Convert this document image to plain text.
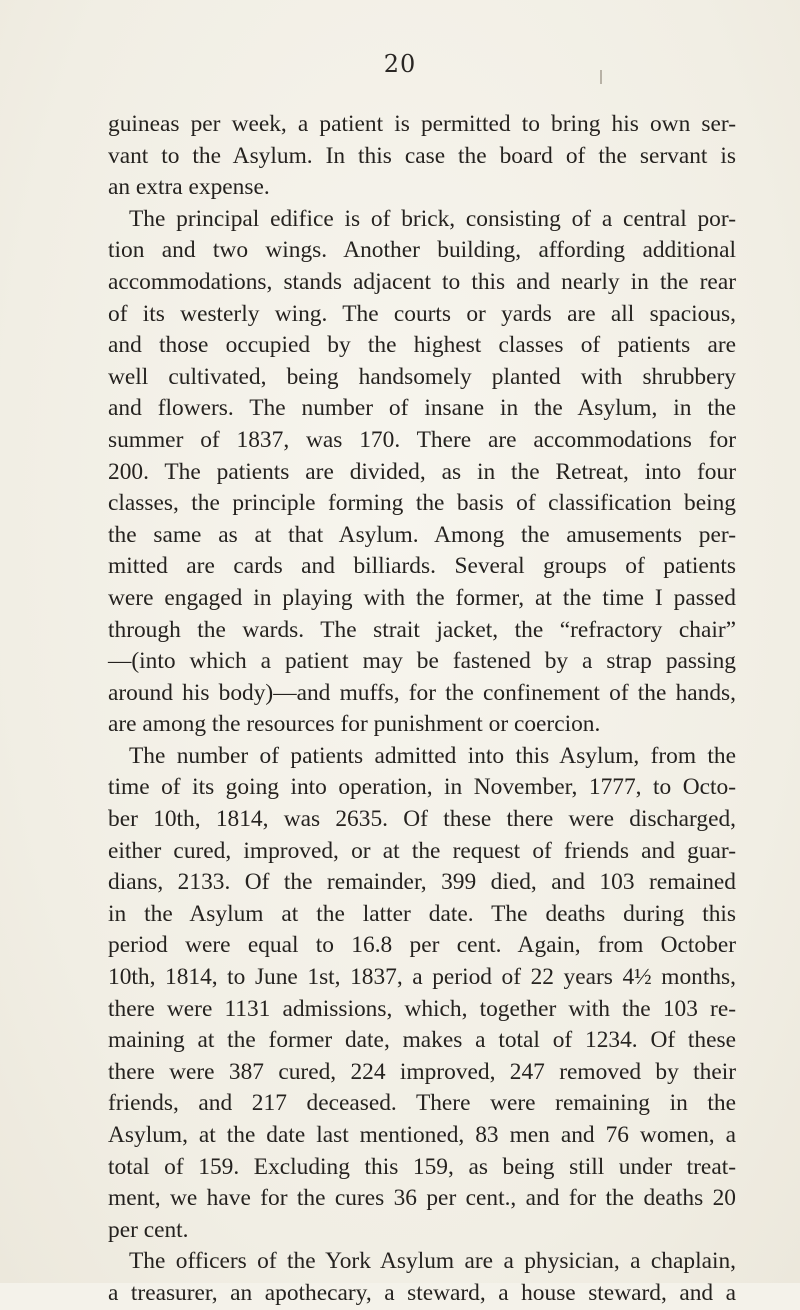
20
guineas per week, a patient is permitted to bring his own ser-
vant to the Asylum. In this case the board of the servant is
an extra expense.
The principal edifice is of brick, consisting of a central por-
tion and two wings. Another building, affording additional
accommodations, stands adjacent to this and nearly in the rear
of its westerly wing. The courts or yards are all spacious,
and those occupied by the highest classes of patients are
well cultivated, being handsomely planted with shrubbery
and flowers. The number of insane in the Asylum, in the
summer of 1837, was 170. There are accommodations for
200. The patients are divided, as in the Retreat, into four
classes, the principle forming the basis of classification being
the same as at that Asylum. Among the amusements per-
mitted are cards and billiards. Several groups of patients
were engaged in playing with the former, at the time I passed
through the wards. The strait jacket, the “refractory chair”
—(into which a patient may be fastened by a strap passing
around his body)—and muffs, for the confinement of the hands,
are among the resources for punishment or coercion.
The number of patients admitted into this Asylum, from the
time of its going into operation, in November, 1777, to Octo-
ber 10th, 1814, was 2635. Of these there were discharged,
either cured, improved, or at the request of friends and guar-
dians, 2133. Of the remainder, 399 died, and 103 remained
in the Asylum at the latter date. The deaths during this
period were equal to 16.8 per cent. Again, from October
10th, 1814, to June 1st, 1837, a period of 22 years 4½ months,
there were 1131 admissions, which, together with the 103 re-
maining at the former date, makes a total of 1234. Of these
there were 387 cured, 224 improved, 247 removed by their
friends, and 217 deceased. There were remaining in the
Asylum, at the date last mentioned, 83 men and 76 women, a
total of 159. Excluding this 159, as being still under treat-
ment, we have for the cures 36 per cent., and for the deaths 20
per cent.
The officers of the York Asylum are a physician, a chaplain,
a treasurer, an apothecary, a steward, a house steward, and a
